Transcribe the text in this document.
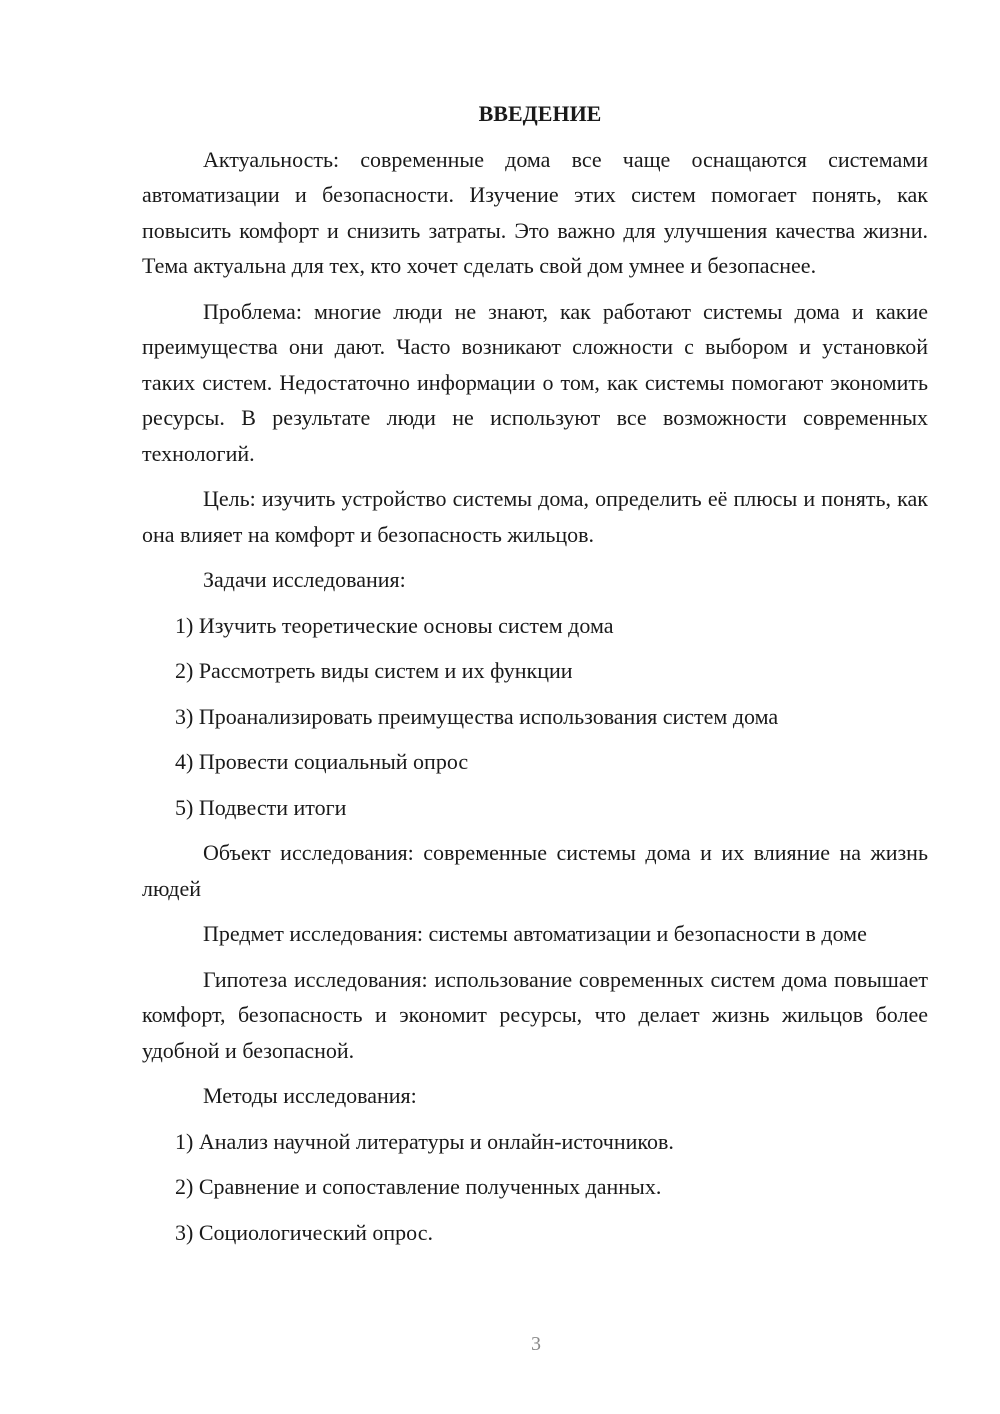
ВВЕДЕНИЕ

Актуальность: современные дома все чаще оснащаются системами автоматизации и безопасности. Изучение этих систем помогает понять, как повысить комфорт и снизить затраты. Это важно для улучшения качества жизни. Тема актуальна для тех, кто хочет сделать свой дом умнее и безопаснее.

Проблема: многие люди не знают, как работают системы дома и какие преимущества они дают. Часто возникают сложности с выбором и установкой таких систем. Недостаточно информации о том, как системы помогают экономить ресурсы. В результате люди не используют все возможности современных технологий.

Цель: изучить устройство системы дома, определить её плюсы и понять, как она влияет на комфорт и безопасность жильцов.

Задачи исследования:
1) Изучить теоретические основы систем дома
2) Рассмотреть виды систем и их функции
3) Проанализировать преимущества использования систем дома
4) Провести социальный опрос
5) Подвести итоги

Объект исследования: современные системы дома и их влияние на жизнь людей

Предмет исследования: системы автоматизации и безопасности в доме

Гипотеза исследования: использование современных систем дома повышает комфорт, безопасность и экономит ресурсы, что делает жизнь жильцов более удобной и безопасной.

Методы исследования:
1) Анализ научной литературы и онлайн-источников.
2) Сравнение и сопоставление полученных данных.
3) Социологический опрос.
3
